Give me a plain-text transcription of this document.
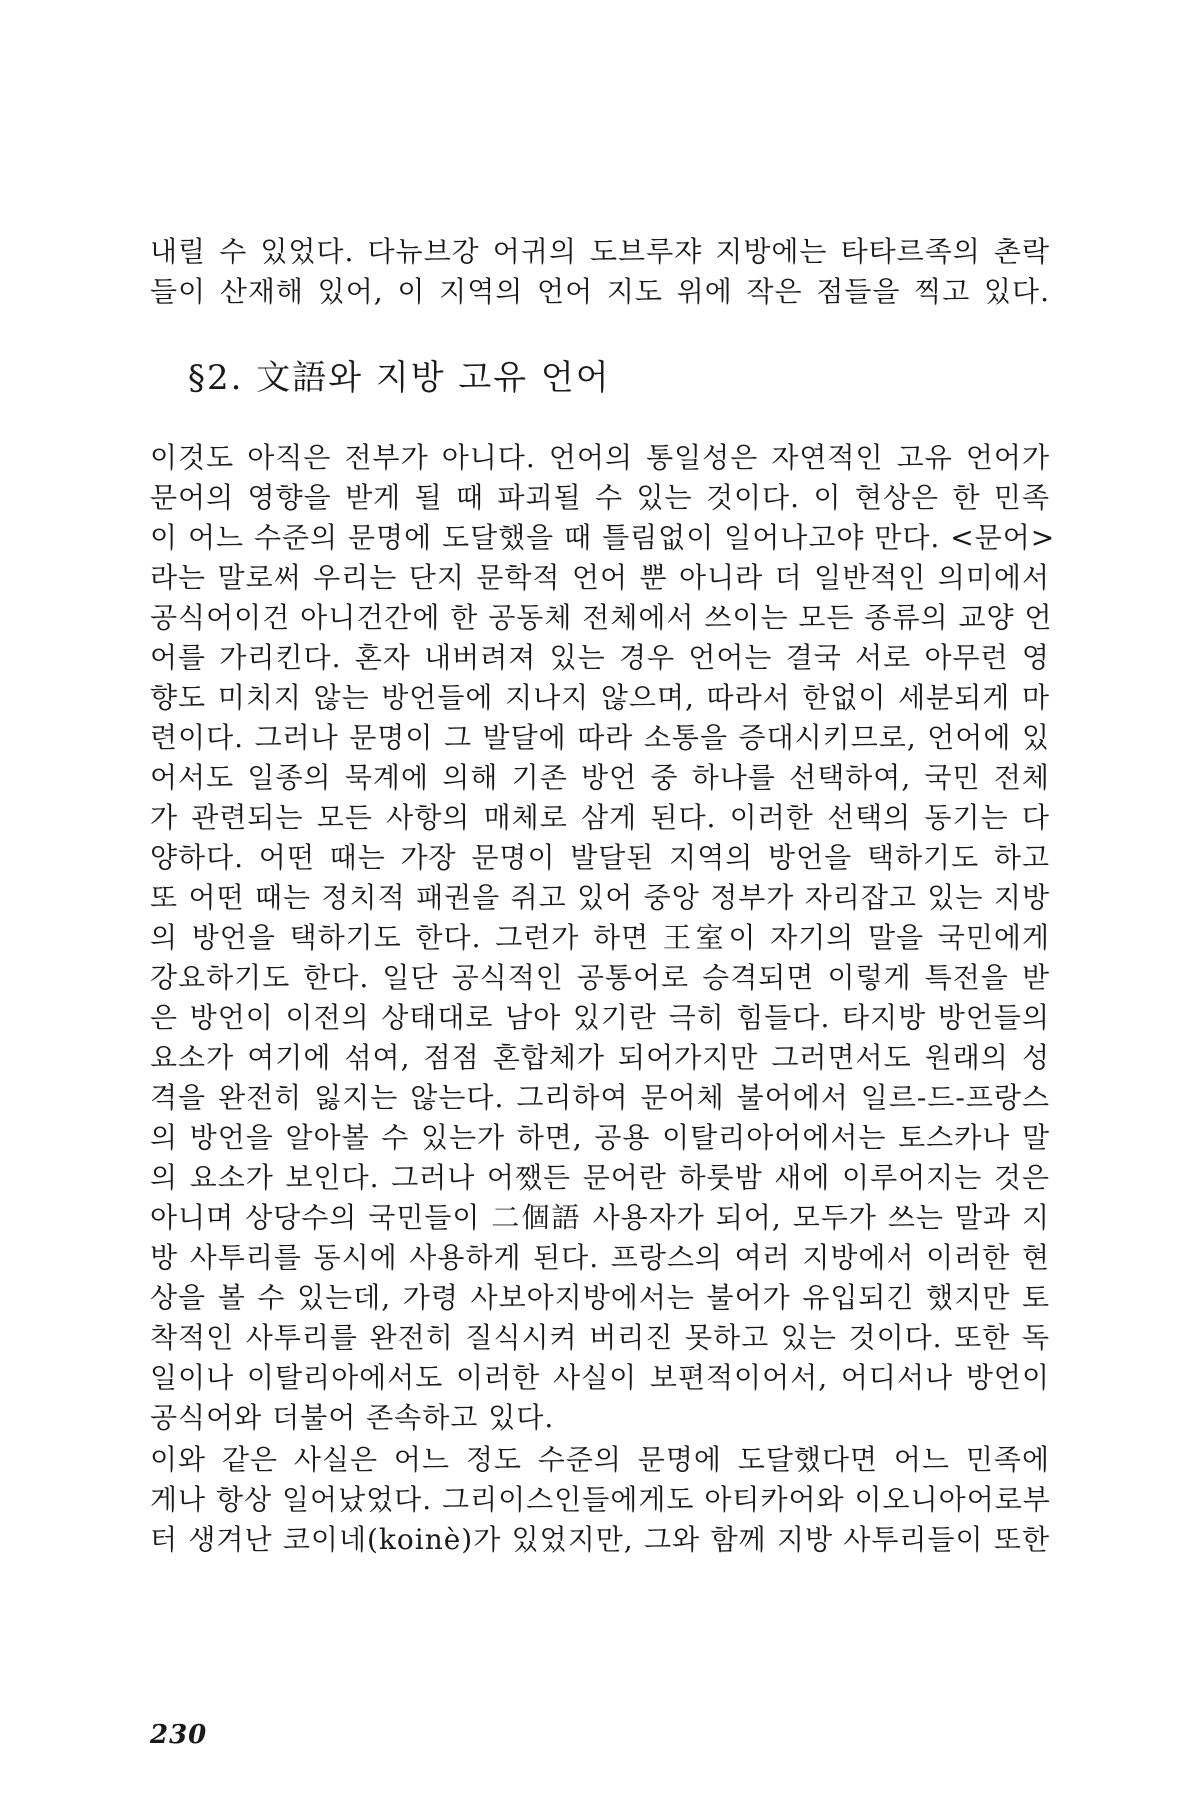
내릴 수 있었다. 다뉴브강 어귀의 도브루쟈 지방에는 타타르족의 촌락
들이 산재해 있어, 이 지역의 언어 지도 위에 작은 점들을 찍고 있다.
§2. 文語와 지방 고유 언어
이것도 아직은 전부가 아니다. 언어의 통일성은 자연적인 고유 언어가
문어의 영향을 받게 될 때 파괴될 수 있는 것이다. 이 현상은 한 민족
이 어느 수준의 문명에 도달했을 때 틀림없이 일어나고야 만다. <문어>
라는 말로써 우리는 단지 문학적 언어 뿐 아니라 더 일반적인 의미에서
공식어이건 아니건간에 한 공동체 전체에서 쓰이는 모든 종류의 교양 언
어를 가리킨다. 혼자 내버려져 있는 경우 언어는 결국 서로 아무런 영
향도 미치지 않는 방언들에 지나지 않으며, 따라서 한없이 세분되게 마
련이다. 그러나 문명이 그 발달에 따라 소통을 증대시키므로, 언어에 있
어서도 일종의 묵계에 의해 기존 방언 중 하나를 선택하여, 국민 전체
가 관련되는 모든 사항의 매체로 삼게 된다. 이러한 선택의 동기는 다
양하다. 어떤 때는 가장 문명이 발달된 지역의 방언을 택하기도 하고
또 어떤 때는 정치적 패권을 쥐고 있어 중앙 정부가 자리잡고 있는 지방
의 방언을 택하기도 한다. 그런가 하면 王室이 자기의 말을 국민에게
강요하기도 한다. 일단 공식적인 공통어로 승격되면 이렇게 특전을 받
은 방언이 이전의 상태대로 남아 있기란 극히 힘들다. 타지방 방언들의
요소가 여기에 섞여, 점점 혼합체가 되어가지만 그러면서도 원래의 성
격을 완전히 잃지는 않는다. 그리하여 문어체 불어에서 일르-드-프랑스
의 방언을 알아볼 수 있는가 하면, 공용 이탈리아어에서는 토스카나 말
의 요소가 보인다. 그러나 어쨌든 문어란 하룻밤 새에 이루어지는 것은
아니며 상당수의 국민들이 二個語 사용자가 되어, 모두가 쓰는 말과 지
방 사투리를 동시에 사용하게 된다. 프랑스의 여러 지방에서 이러한 현
상을 볼 수 있는데, 가령 사보아지방에서는 불어가 유입되긴 했지만 토
착적인 사투리를 완전히 질식시켜 버리진 못하고 있는 것이다. 또한 독
일이나 이탈리아에서도 이러한 사실이 보편적이어서, 어디서나 방언이
공식어와 더불어 존속하고 있다.
이와 같은 사실은 어느 정도 수준의 문명에 도달했다면 어느 민족에
게나 항상 일어났었다. 그리이스인들에게도 아티카어와 이오니아어로부
터 생겨난 코이네(koinè)가 있었지만, 그와 함께 지방 사투리들이 또한
230
